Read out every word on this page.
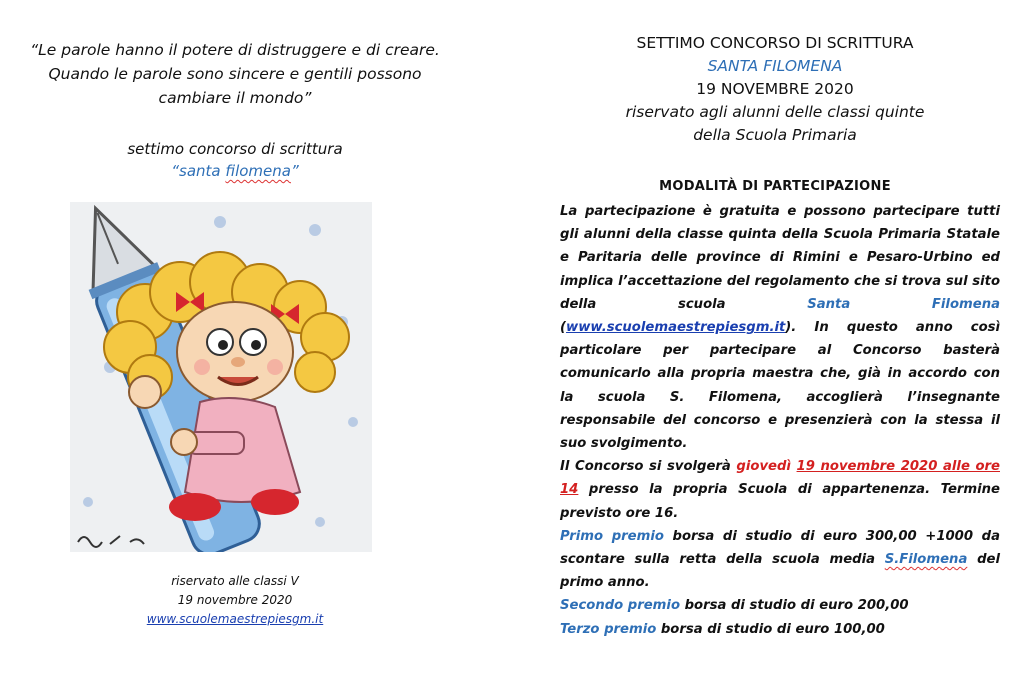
“Le parole hanno il potere di distruggere e di creare.
Quando le parole sono sincere e gentili possono
cambiare il mondo”
settimo concorso di scrittura
“santa filomena”
riservato alle classi V
19 novembre 2020
www.scuolemaestrepiesgm.it
SETTIMO CONCORSO DI SCRITTURA
SANTA FILOMENA
19 NOVEMBRE 2020
riservato agli alunni delle classi quinte
della Scuola Primaria
MODALITÀ DI PARTECIPAZIONE

La partecipazione è gratuita e possono partecipare tutti gli alunni della classe quinta della Scuola Primaria Statale e Paritaria delle province di Rimini e Pesaro-Urbino ed implica l’accettazione del regolamento che si trova sul sito della scuola Santa Filomena (www.scuolemaestrepiesgm.it). In questo anno così particolare per partecipare al Concorso basterà comunicarlo alla propria maestra che, già in accordo con la scuola S. Filomena, accoglierà l’insegnante responsabile del concorso e presenzierà con la stessa il suo svolgimento.

Il Concorso si svolgerà giovedì 19 novembre 2020 alle ore 14 presso la propria Scuola di appartenenza. Termine previsto ore 16.

Primo premio borsa di studio di euro 300,00 +1000 da scontare sulla retta della scuola media S.Filomena del primo anno.

Secondo premio borsa di studio di euro 200,00

Terzo premio borsa di studio di euro 100,00
